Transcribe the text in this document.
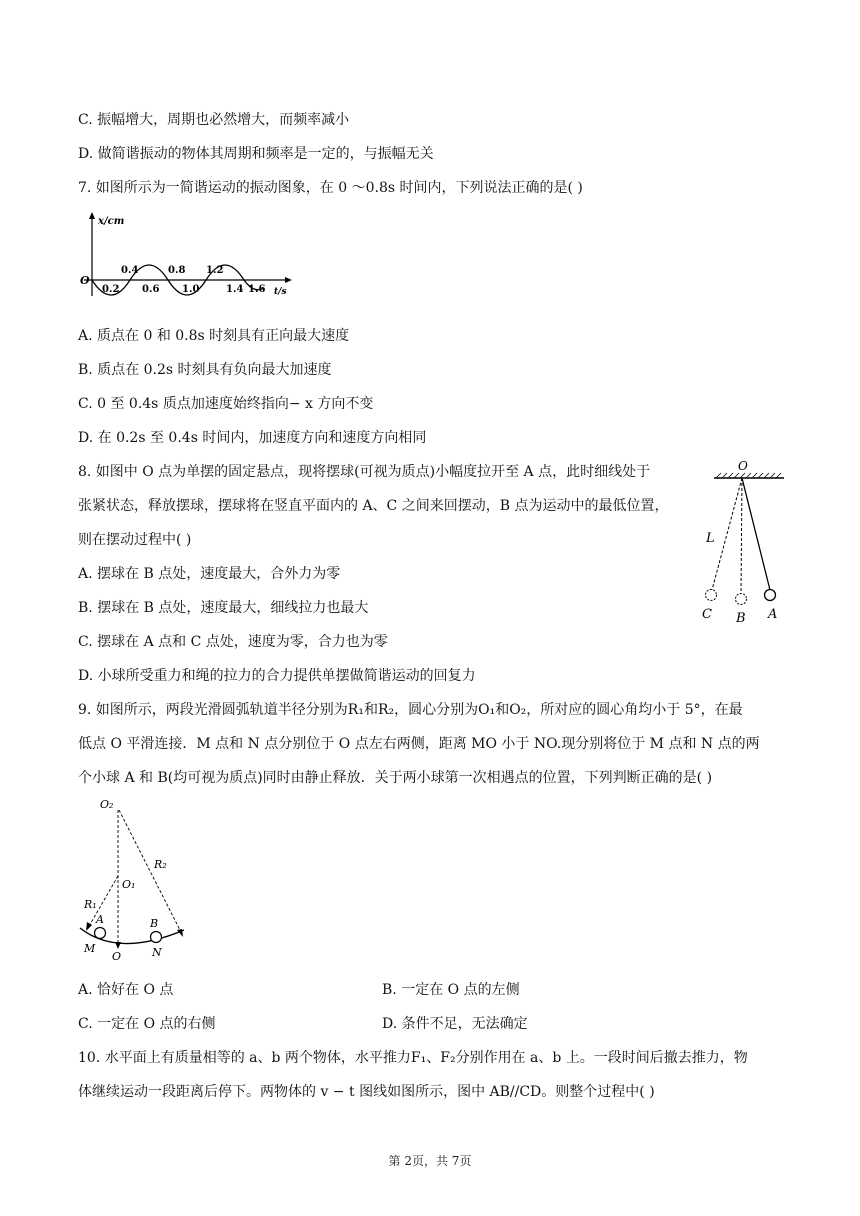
C. 振幅增大，周期也必然增大，而频率减小
D. 做简谐振动的物体其周期和频率是一定的，与振幅无关
7. 如图所示为一简谐运动的振动图象，在 0 ～0.8s 时间内，下列说法正确的是( )
x/cm
t/s
O
0.4	0.8 1.2
0.2 0.6 1.0	1.4 1.6
A. 质点在 0 和 0.8s 时刻具有正向最大速度
B. 质点在 0.2s 时刻具有负向最大加速度
C. 0 至 0.4s 质点加速度始终指向− x 方向不变
D. 在 0.2s 至 0.4s 时间内，加速度方向和速度方向相同
8. 如图中 O 点为单摆的固定悬点，现将摆球(可视为质点)小幅度拉开至 A 点，此时细线处于
张紧状态，释放摆球，摆球将在竖直平面内的 A、C 之间来回摆动，B 点为运动中的最低位置，
则在摆动过程中( )
O
L
C B A
A. 摆球在 B 点处，速度最大，合外力为零
B. 摆球在 B 点处，速度最大，细线拉力也最大
C. 摆球在 A 点和 C 点处，速度为零，合力也为零
D. 小球所受重力和绳的拉力的合力提供单摆做简谐运动的回复力
9. 如图所示，两段光滑圆弧轨道半径分别为R₁和R₂，圆心分别为O₁和O₂，所对应的圆心角均小于 5°，在最
低点 O 平滑连接．M 点和 N 点分别位于 O 点左右两侧，距离 MO 小于 NO.现分别将位于 M 点和 N 点的两
个小球 A 和 B(均可视为质点)同时由静止释放．关于两小球第一次相遇点的位置，下列判断正确的是( )
O₂
R₂
O₁
R₁
A	B
M
O	N
A. 恰好在 O 点	B. 一定在 O 点的左侧
C. 一定在 O 点的右侧	D. 条件不足，无法确定
10. 水平面上有质量相等的 a、b 两个物体，水平推力F₁、F₂分别作用在 a、b 上。一段时间后撤去推力，物
体继续运动一段距离后停下。两物体的 v − t 图线如图所示，图中 AB//CD。则整个过程中( )
第 2页，共 7页
